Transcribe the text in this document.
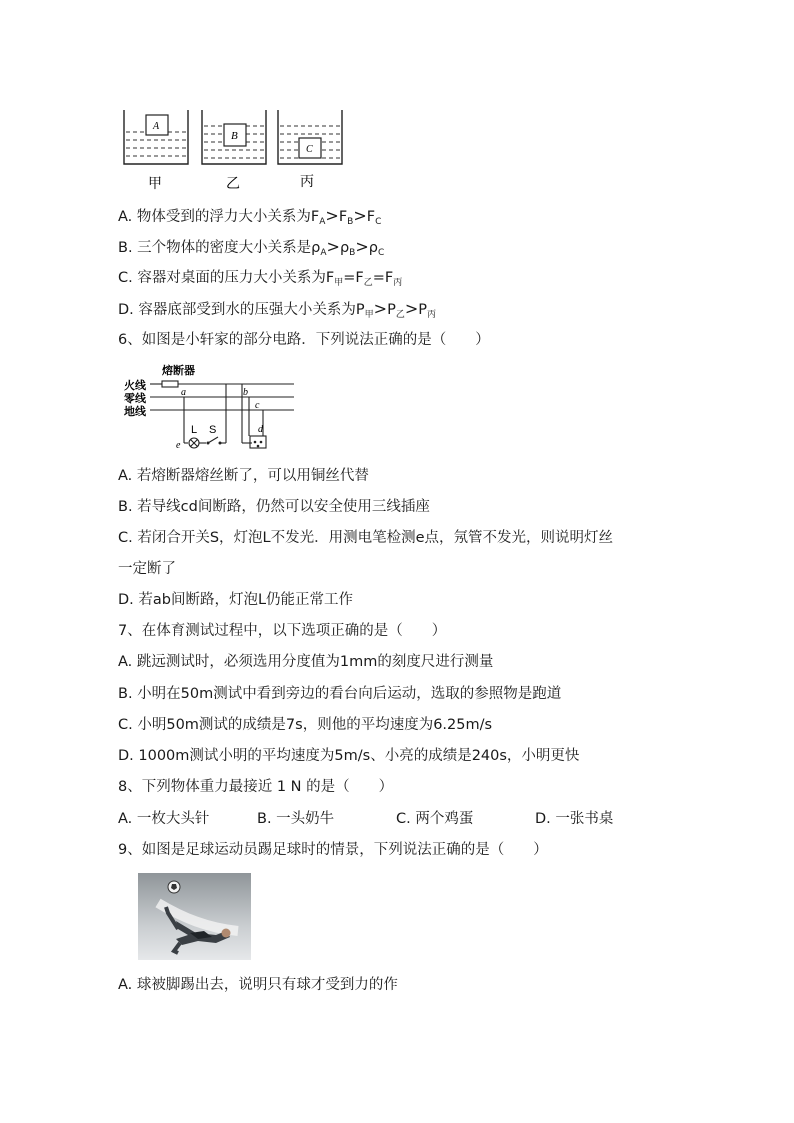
A
B
C
甲	乙	丙
A. 物体受到的浮力大小关系为$F_A>F_B>F_C$
B. 三个物体的密度大小关系是$\rho_A>\rho_B>\rho_C$
C. 容器对桌面的压力大小关系为$F_甲=F_乙=F_丙$
D. 容器底部受到水的压强大小关系为$P_甲>P_乙>P_丙$
6、如图是小轩家的部分电路．下列说法正确的是（　　）
熔断器
火线
零线
地线
a	b
c
d
e
L S
A. 若熔断器熔丝断了，可以用铜丝代替
B. 若导线cd间断路，仍然可以安全使用三线插座
C. 若闭合开关S，灯泡L不发光．用测电笔检测e点，氖管不发光，则说明灯丝
一定断了
D. 若ab间断路，灯泡L仍能正常工作
7、在体育测试过程中，以下选项正确的是（　　）
A. 跳远测试时，必须选用分度值为1mm的刻度尺进行测量
B. 小明在50m测试中看到旁边的看台向后运动，选取的参照物是跑道
C. 小明50m测试的成绩是7s，则他的平均速度为6.25m/s
D. 1000m测试小明的平均速度为5m/s、小亮的成绩是240s，小明更快
8、下列物体重力最接近 1 N 的是（　　）
A. 一枚大头针	B. 一头奶牛	C. 两个鸡蛋	D. 一张书桌
9、如图是足球运动员踢足球时的情景，下列说法正确的是（　　）
A. 球被脚踢出去，说明只有球才受到力的作
